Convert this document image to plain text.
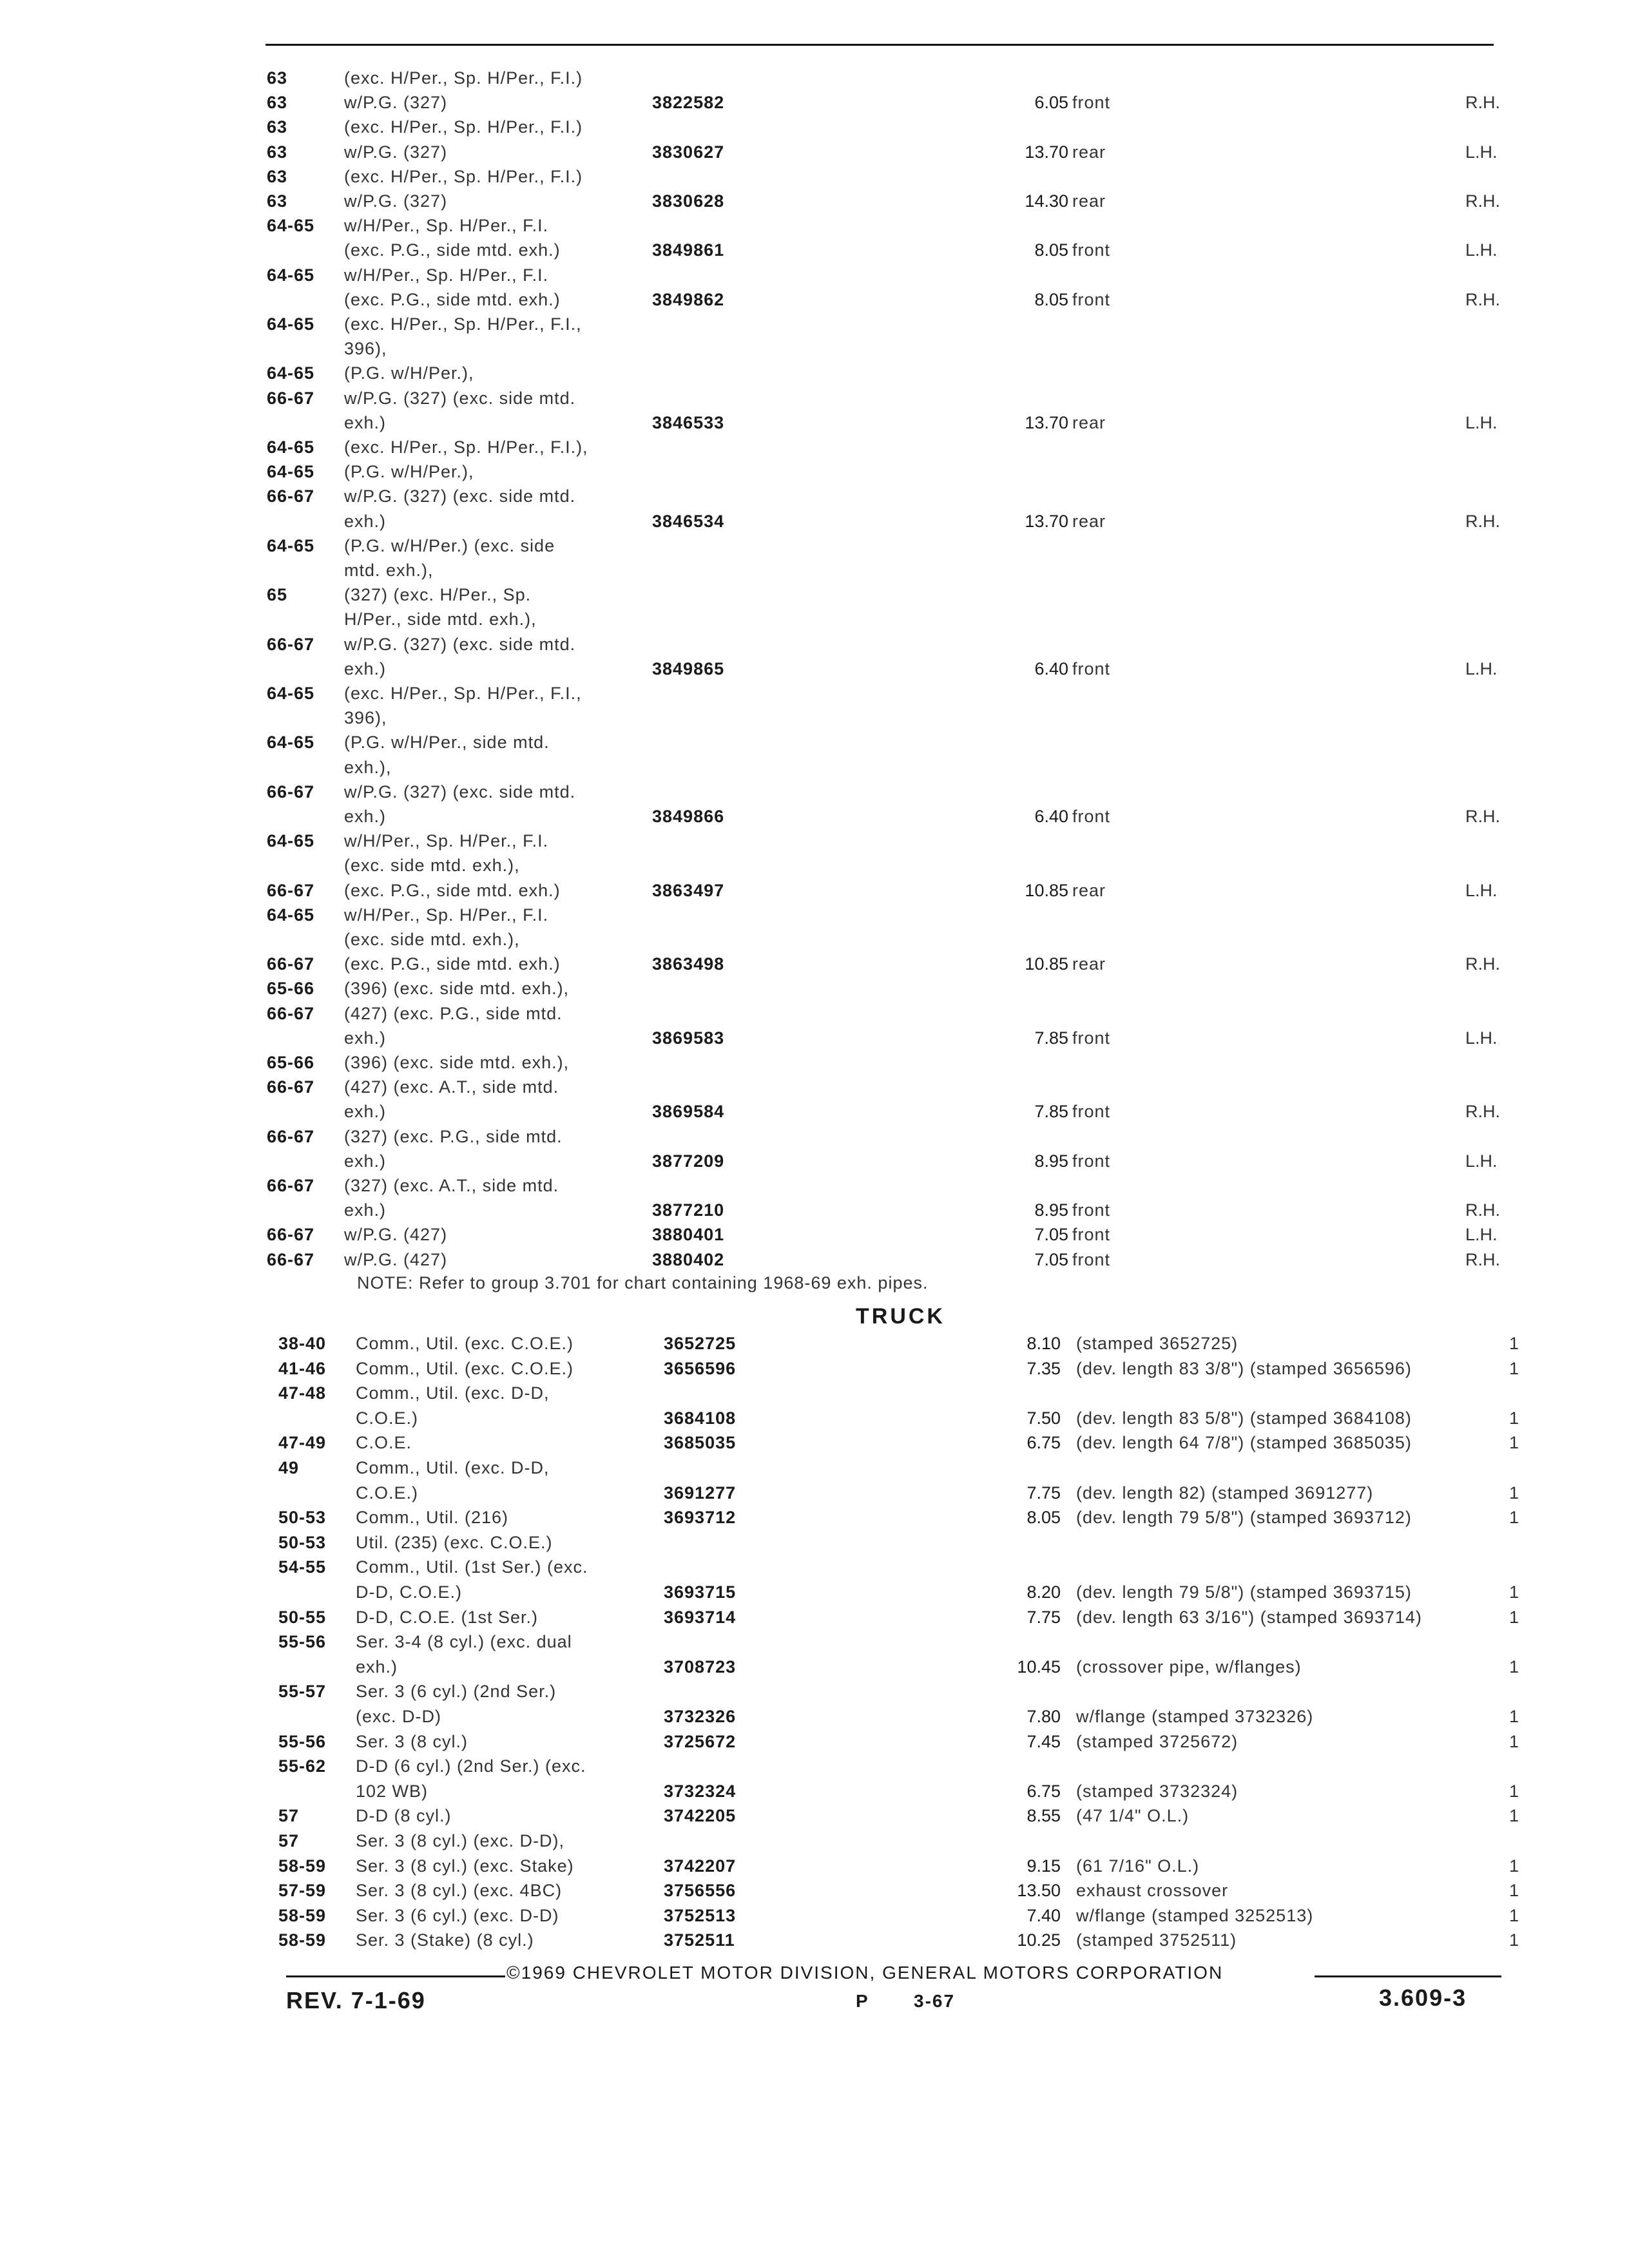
63	(exc. H/Per., Sp. H/Per., F.I.)
63	w/P.G. (327)	3822582	6.05 front	R.H.
63	(exc. H/Per., Sp. H/Per., F.I.)
63	w/P.G. (327)	3830627	13.70 rear	L.H.
63	(exc. H/Per., Sp. H/Per., F.I.)
63	w/P.G. (327)	3830628	14.30 rear	R.H.
64-65 w/H/Per., Sp. H/Per., F.I.
(exc. P.G., side mtd. exh.)	3849861	8.05 front	L.H.
64-65 w/H/Per., Sp. H/Per., F.I.
(exc. P.G., side mtd. exh.)	3849862	8.05 front	R.H.
64-65 (exc. H/Per., Sp. H/Per., F.I.,
396),
64-65 (P.G. w/H/Per.),
66-67 w/P.G. (327) (exc. side mtd.
exh.)	3846533	13.70 rear	L.H.
64-65 (exc. H/Per., Sp. H/Per., F.I.),
64-65 (P.G. w/H/Per.),
66-67 w/P.G. (327) (exc. side mtd.
exh.)	3846534	13.70 rear	R.H.
64-65 (P.G. w/H/Per.) (exc. side
mtd. exh.),
65	(327) (exc. H/Per., Sp.
H/Per., side mtd. exh.),
66-67 w/P.G. (327) (exc. side mtd.
exh.)	3849865	6.40 front	L.H.
64-65 (exc. H/Per., Sp. H/Per., F.I.,
396),
64-65 (P.G. w/H/Per., side mtd.
exh.),
66-67 w/P.G. (327) (exc. side mtd.
exh.)	3849866	6.40 front	R.H.
64-65 w/H/Per., Sp. H/Per., F.I.
(exc. side mtd. exh.),
66-67 (exc. P.G., side mtd. exh.)	3863497	10.85 rear	L.H.
64-65 w/H/Per., Sp. H/Per., F.I.
(exc. side mtd. exh.),
66-67 (exc. P.G., side mtd. exh.)	3863498	10.85 rear	R.H.
65-66 (396) (exc. side mtd. exh.),
66-67 (427) (exc. P.G., side mtd.
exh.)	3869583	7.85 front	L.H.
65-66 (396) (exc. side mtd. exh.),
66-67 (427) (exc. A.T., side mtd.
exh.)	3869584	7.85 front	R.H.
66-67 (327) (exc. P.G., side mtd.
exh.)	3877209	8.95 front	L.H.
66-67 (327) (exc. A.T., side mtd.
exh.)	3877210	8.95 front	R.H.
66-67 w/P.G. (427)	3880401	7.05 front	L.H.
66-67 w/P.G. (427)	3880402	7.05 front	R.H.
NOTE: Refer to group 3.701 for chart containing 1968-69 exh. pipes.
TRUCK
38-40 Comm., Util. (exc. C.O.E.)	3652725	8.10 (stamped 3652725)	1
41-46 Comm., Util. (exc. C.O.E.)	3656596	7.35 (dev. length 83 3/8") (stamped 3656596)	1
47-48 Comm., Util. (exc. D-D,
C.O.E.)	3684108	7.50 (dev. length 83 5/8") (stamped 3684108)	1
47-49 C.O.E.	3685035	6.75 (dev. length 64 7/8") (stamped 3685035)	1
49	Comm., Util. (exc. D-D,
C.O.E.)	3691277	7.75 (dev. length 82) (stamped 3691277)	1
50-53 Comm., Util. (216)	3693712	8.05 (dev. length 79 5/8") (stamped 3693712)	1
50-53 Util. (235) (exc. C.O.E.)
54-55 Comm., Util. (1st Ser.) (exc.
D-D, C.O.E.)	3693715	8.20 (dev. length 79 5/8") (stamped 3693715)	1
50-55 D-D, C.O.E. (1st Ser.)	3693714	7.75 (dev. length 63 3/16") (stamped 3693714)	1
55-56 Ser. 3-4 (8 cyl.) (exc. dual
exh.)	3708723	10.45 (crossover pipe, w/flanges)	1
55-57 Ser. 3 (6 cyl.) (2nd Ser.)
(exc. D-D)	3732326	7.80 w/flange (stamped 3732326)	1
55-56 Ser. 3 (8 cyl.)	3725672	7.45 (stamped 3725672)	1
55-62 D-D (6 cyl.) (2nd Ser.) (exc.
102 WB)	3732324	6.75 (stamped 3732324)	1
57	D-D (8 cyl.)	3742205	8.55 (47 1/4" O.L.)	1
57	Ser. 3 (8 cyl.) (exc. D-D),
58-59 Ser. 3 (8 cyl.) (exc. Stake)	3742207	9.15 (61 7/16" O.L.)	1
57-59 Ser. 3 (8 cyl.) (exc. 4BC)	3756556	13.50 exhaust crossover	1
58-59 Ser. 3 (6 cyl.) (exc. D-D)	3752513	7.40 w/flange (stamped 3252513)	1
58-59 Ser. 3 (Stake) (8 cyl.)	3752511	10.25 (stamped 3752511)	1
©1969 CHEVROLET MOTOR DIVISION, GENERAL MOTORS CORPORATION
REV. 7-1-69	P 3-67	3.609-3
